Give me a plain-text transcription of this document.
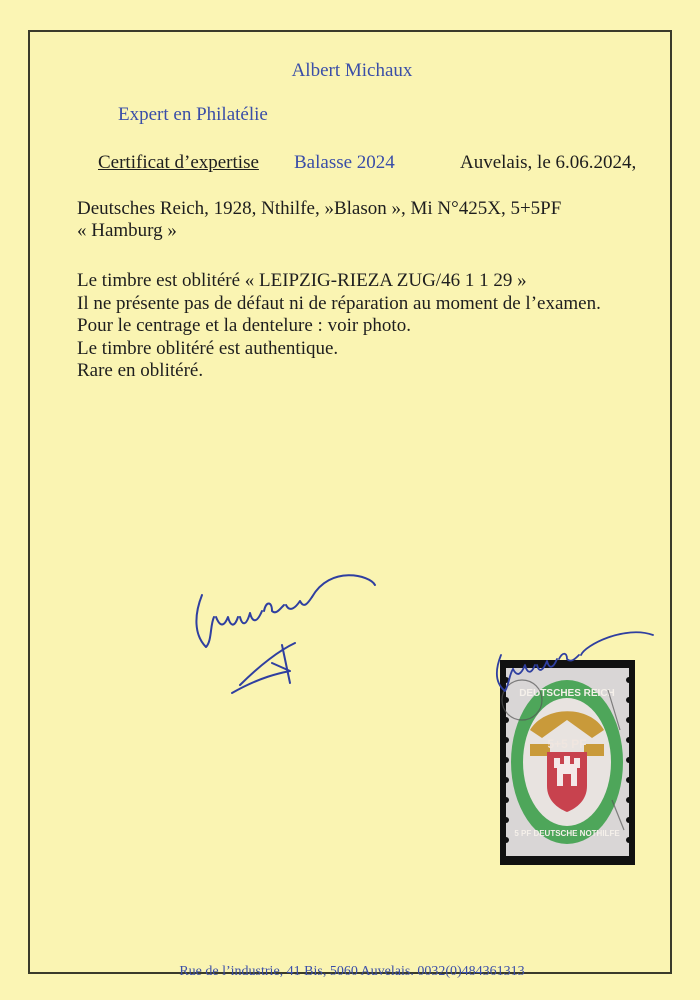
Albert Michaux
Expert en Philatélie
Certificat d’expertise Balasse 2024	Auvelais, le 6.06.2024,
Deutsches Reich, 1928, Nthilfe, »Blason », Mi N°425X, 5+5PF
« Hamburg »
Le timbre est oblitéré « LEIPZIG-RIEZA ZUG/46 1 1 29 »
Il ne présente pas de défaut ni de réparation au moment de l’examen.
Pour le centrage et la dentelure : voir photo.
Le timbre oblitéré est authentique.
Rare en oblitéré.
Rue de l’industrie, 41 Bis, 5060 Auvelais. 0032(0)484361313
DEUTSCHES REICH
5 PF DEUTSCHE NOTHILFE
5+5 PF
